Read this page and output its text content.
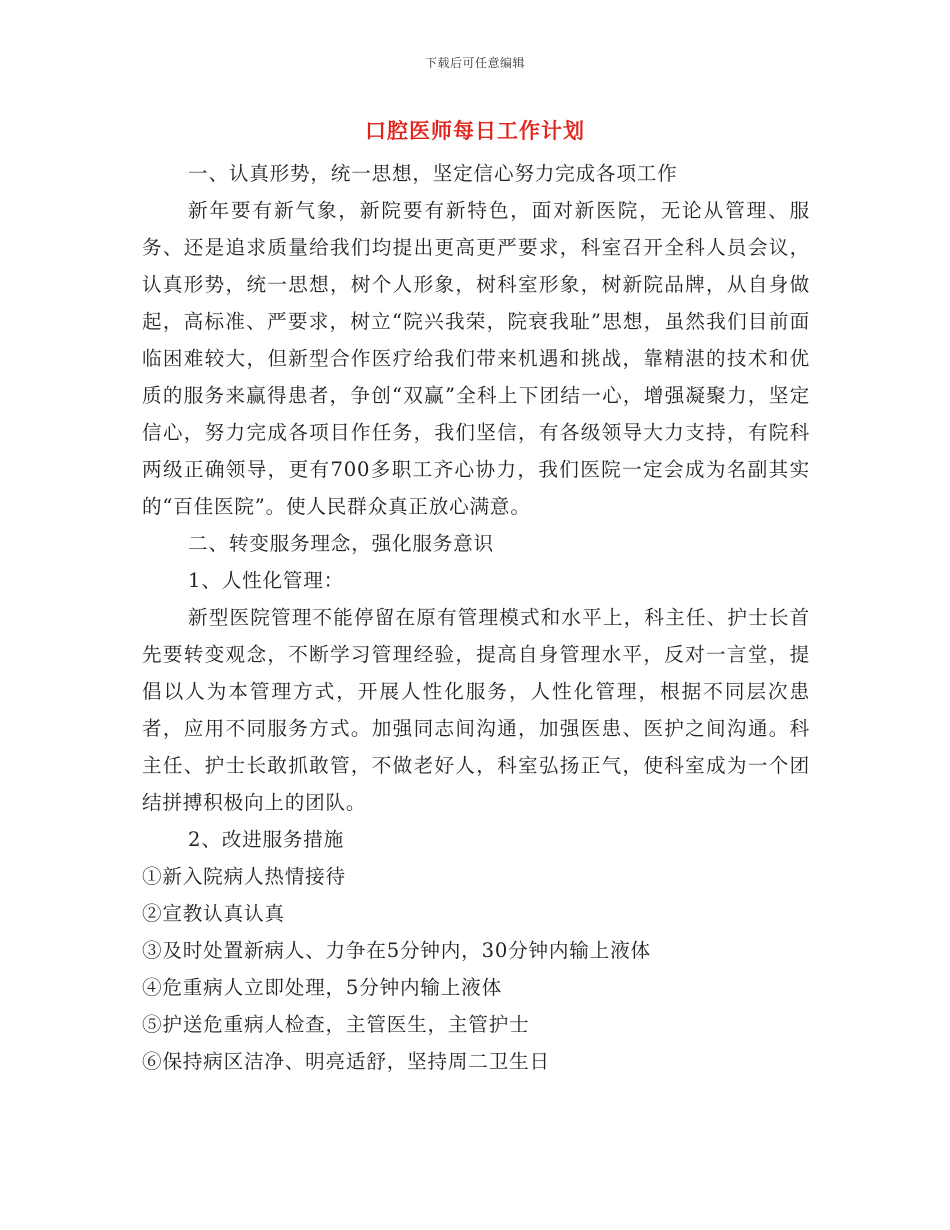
下载后可任意编辑
口腔医师每日工作计划

一、认真形势，统一思想，坚定信心努力完成各项工作

新年要有新气象，新院要有新特色，面对新医院，无论从管理、服务、还是追求质量给我们均提出更高更严要求，科室召开全科人员会议，认真形势，统一思想，树个人形象，树科室形象，树新院品牌，从自身做起，高标准、严要求，树立“院兴我荣，院衰我耻”思想，虽然我们目前面临困难较大，但新型合作医疗给我们带来机遇和挑战，靠精湛的技术和优质的服务来赢得患者，争创“双赢”全科上下团结一心，增强凝聚力，坚定信心，努力完成各项目作任务，我们坚信，有各级领导大力支持，有院科两级正确领导，更有700多职工齐心协力，我们医院一定会成为名副其实的“百佳医院”。使人民群众真正放心满意。

二、转变服务理念，强化服务意识

1、人性化管理：

新型医院管理不能停留在原有管理模式和水平上，科主任、护士长首先要转变观念，不断学习管理经验，提高自身管理水平，反对一言堂，提倡以人为本管理方式，开展人性化服务，人性化管理，根据不同层次患者，应用不同服务方式。加强同志间沟通，加强医患、医护之间沟通。科主任、护士长敢抓敢管，不做老好人，科室弘扬正气，使科室成为一个团结拼搏积极向上的团队。

2、改进服务措施

①新入院病人热情接待

②宣教认真认真

③及时处置新病人、力争在5分钟内，30分钟内输上液体

④危重病人立即处理，5分钟内输上液体

⑤护送危重病人检查，主管医生，主管护士

⑥保持病区洁净、明亮适舒，坚持周二卫生日
